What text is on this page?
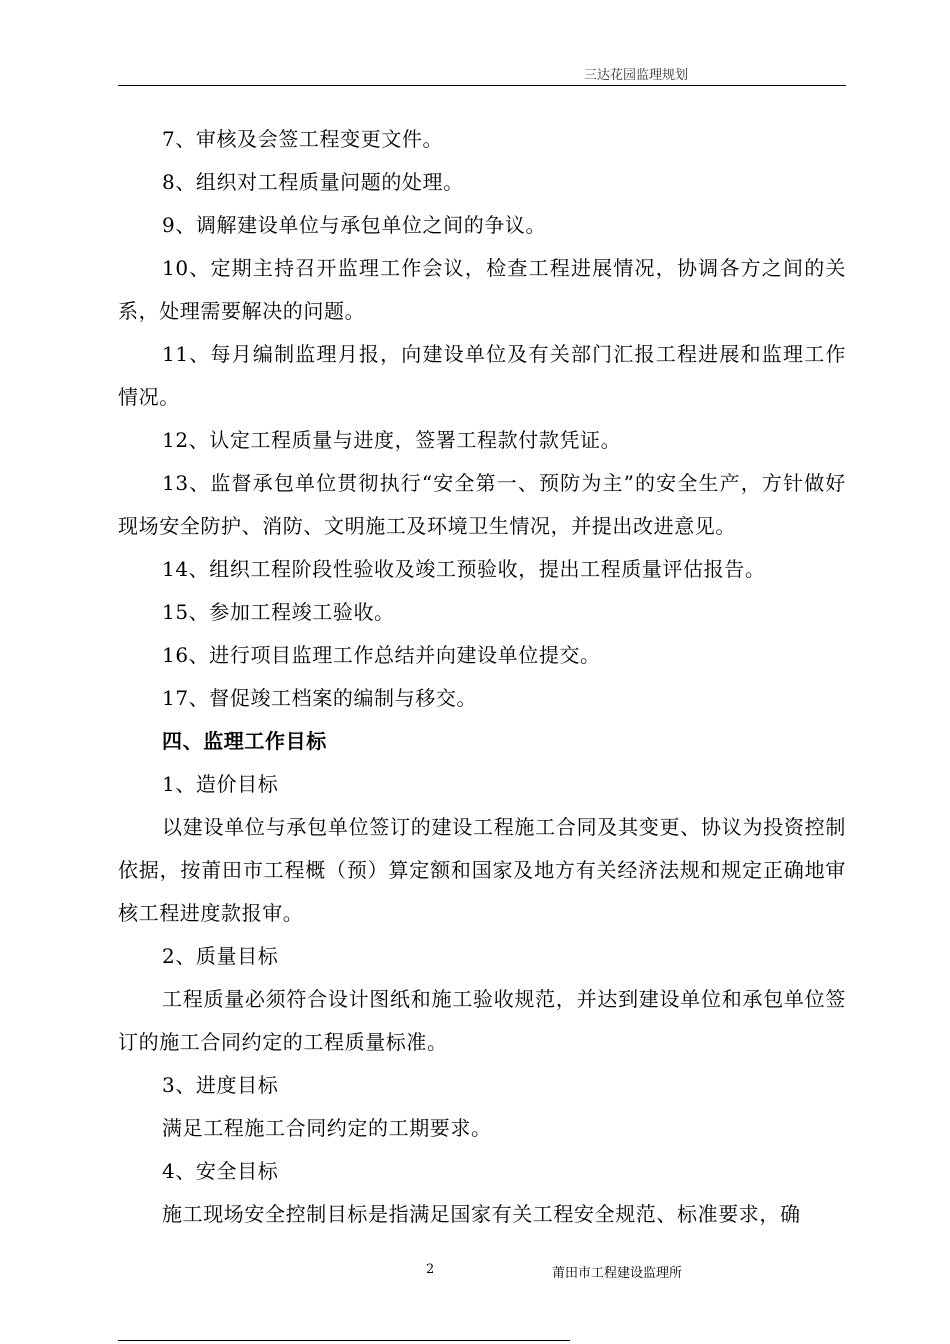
三达花园监理规划

7、审核及会签工程变更文件。

8、组织对工程质量问题的处理。

9、调解建设单位与承包单位之间的争议。

10、定期主持召开监理工作会议，检查工程进展情况，协调各方之间的关系，处理需要解决的问题。

11、每月编制监理月报，向建设单位及有关部门汇报工程进展和监理工作情况。

12、认定工程质量与进度，签署工程款付款凭证。

13、监督承包单位贯彻执行“安全第一、预防为主”的安全生产，方针做好现场安全防护、消防、文明施工及环境卫生情况，并提出改进意见。

14、组织工程阶段性验收及竣工预验收，提出工程质量评估报告。

15、参加工程竣工验收。

16、进行项目监理工作总结并向建设单位提交。

17、督促竣工档案的编制与移交。

四、监理工作目标

1、造价目标

以建设单位与承包单位签订的建设工程施工合同及其变更、协议为投资控制依据，按莆田市工程概（预）算定额和国家及地方有关经济法规和规定正确地审核工程进度款报审。

2、质量目标

工程质量必须符合设计图纸和施工验收规范，并达到建设单位和承包单位签订的施工合同约定的工程质量标准。

3、进度目标

满足工程施工合同约定的工期要求。

4、安全目标

施工现场安全控制目标是指满足国家有关工程安全规范、标准要求，确

2	莆田市工程建设监理所
